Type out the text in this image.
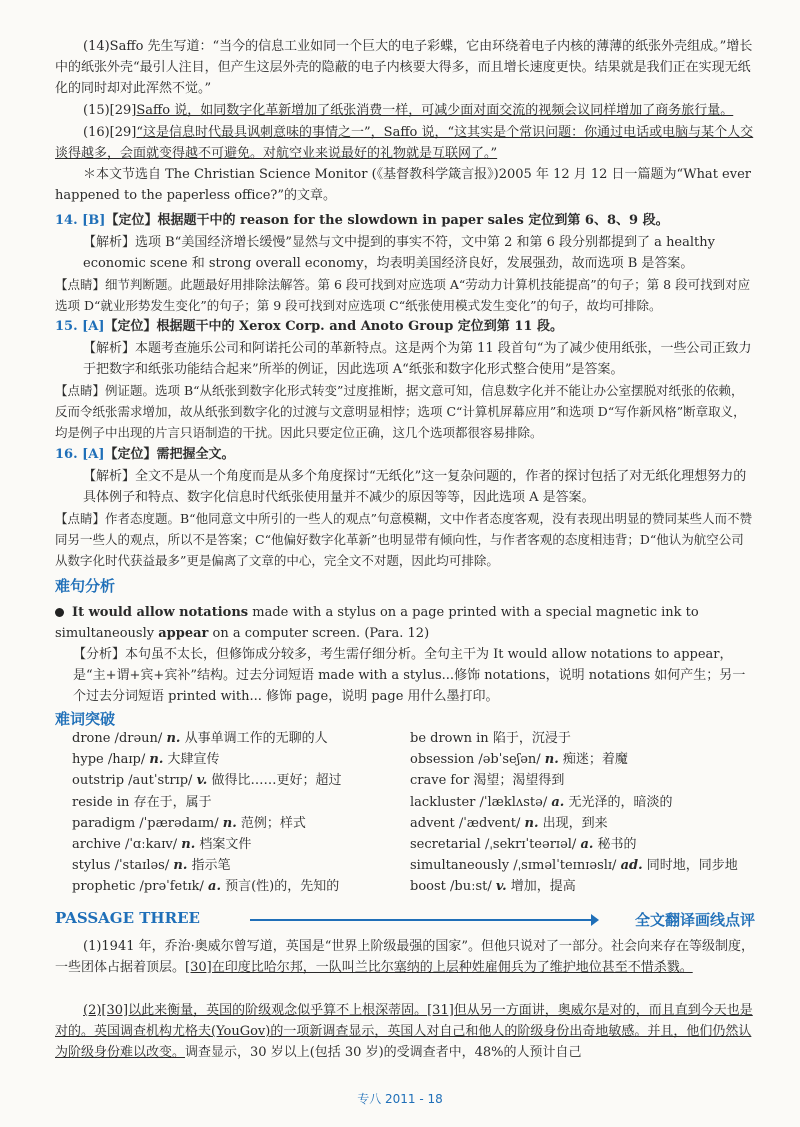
(14)Saffo 先生写道：“当今的信息工业如同一个巨大的电子彩蝶，它由环绕着电子内核的薄薄的纸张外壳组成。”增长中的纸张外壳“最引人注目，但产生这层外壳的隐蔽的电子内核要大得多，而且增长速度更快。结果就是我们正在实现无纸化的同时却对此浑然不觉。”

(15)[29]Saffo 说，如同数字化革新增加了纸张消费一样，可减少面对面交流的视频会议同样增加了商务旅行量。

(16)[29]“这是信息时代最具讽刺意味的事情之一”，Saffo 说，“这其实是个常识问题：你通过电话或电脑与某个人交谈得越多，会面就变得越不可避免。对航空业来说最好的礼物就是互联网了。”

＊本文节选自 The Christian Science Monitor (《基督教科学箴言报》)2005 年 12 月 12 日一篇题为“What ever happened to the paperless office?”的文章。

14. [B]【定位】根据题干中的 reason for the slowdown in paper sales 定位到第 6、8、9 段。

【解析】选项 B“美国经济增长缓慢”显然与文中提到的事实不符，文中第 2 和第 6 段分别都提到了 a healthy economic scene 和 strong overall economy，均表明美国经济良好，发展强劲，故而选项 B 是答案。

【点睛】细节判断题。此题最好用排除法解答。第 6 段可找到对应选项 A“劳动力计算机技能提高”的句子；第 8 段可找到对应选项 D“就业形势发生变化”的句子；第 9 段可找到对应选项 C“纸张使用模式发生变化”的句子，故均可排除。

15. [A]【定位】根据题干中的 Xerox Corp. and Anoto Group 定位到第 11 段。

【解析】本题考查施乐公司和阿诺托公司的革新特点。这是两个为第 11 段首句“为了减少使用纸张，一些公司正致力于把数字和纸张功能结合起来”所举的例证，因此选项 A“纸张和数字化形式整合使用”是答案。

【点睛】例证题。选项 B“从纸张到数字化形式转变”过度推断，据文意可知，信息数字化并不能让办公室摆脱对纸张的依赖，反而令纸张需求增加，故从纸张到数字化的过渡与文意明显相悖；选项 C“计算机屏幕应用”和选项 D“写作新风格”断章取义，均是例子中出现的片言只语制造的干扰。因此只要定位正确，这几个选项都很容易排除。

16. [A]【定位】需把握全文。

【解析】全文不是从一个角度而是从多个角度探讨“无纸化”这一复杂问题的，作者的探讨包括了对无纸化理想努力的具体例子和特点、数字化信息时代纸张使用量并不减少的原因等等，因此选项 A 是答案。

【点睛】作者态度题。B“他同意文中所引的一些人的观点”句意模糊，文中作者态度客观，没有表现出明显的赞同某些人而不赞同另一些人的观点，所以不是答案；C“他偏好数字化革新”也明显带有倾向性，与作者客观的态度相违背；D“他认为航空公司从数字化时代获益最多”更是偏离了文章的中心，完全文不对题，因此均可排除。

难句分析

It would allow notations made with a stylus on a page printed with a special magnetic ink to simultaneously appear on a computer screen. (Para. 12)

【分析】本句虽不太长，但修饰成分较多，考生需仔细分析。全句主干为 It would allow notations to appear，是“主+谓+宾+宾补”结构。过去分词短语 made with a stylus...修饰 notations，说明 notations 如何产生；另一个过去分词短语 printed with... 修饰 page，说明 page 用什么墨打印。

难词突破
drone /drəun/ n. 从事单调工作的无聊的人
hype /haɪp/ n. 大肆宣传
outstrip /autˈstrɪp/ v. 做得比……更好；超过
reside in 存在于，属于
paradigm /ˈpærədaɪm/ n. 范例；样式
archive /ˈɑːkaɪv/ n. 档案文件
stylus /ˈstaɪləs/ n. 指示笔
prophetic /prəˈfetɪk/ a. 预言(性)的，先知的
be drown in 陷于，沉浸于
obsession /əbˈseʃən/ n. 痴迷；着魔
crave for 渴望；渴望得到
lackluster /ˈlæklʌstə/ a. 无光泽的，暗淡的
advent /ˈædvent/ n. 出现，到来
secretarial /ˌsekrɪˈteərɪəl/ a. 秘书的
simultaneously /ˌsɪməlˈteɪnɪəslɪ/ ad. 同时地，同步地
boost /buːst/ v. 增加，提高
PASSAGE THREE	全文翻译画线点评

(1)1941 年，乔治·奥威尔曾写道，英国是“世界上阶级最强的国家”。但他只说对了一部分。社会向来存在等级制度，一些团体占据着顶层。[30]在印度比哈尔邦，一队叫兰比尔塞纳的上层种姓雇佣兵为了维护地位甚至不惜杀戮。

(2)[30]以此来衡量，英国的阶级观念似乎算不上根深蒂固。[31]但从另一方面讲，奥威尔是对的，而且直到今天也是对的。英国调查机构尤格夫(YouGov)的一项新调查显示，英国人对自己和他人的阶级身份出奇地敏感。并且，他们仍然认为阶级身份难以改变。调查显示，30 岁以上(包括 30 岁)的受调查者中，48%的人预计自己

专八 2011 - 18
